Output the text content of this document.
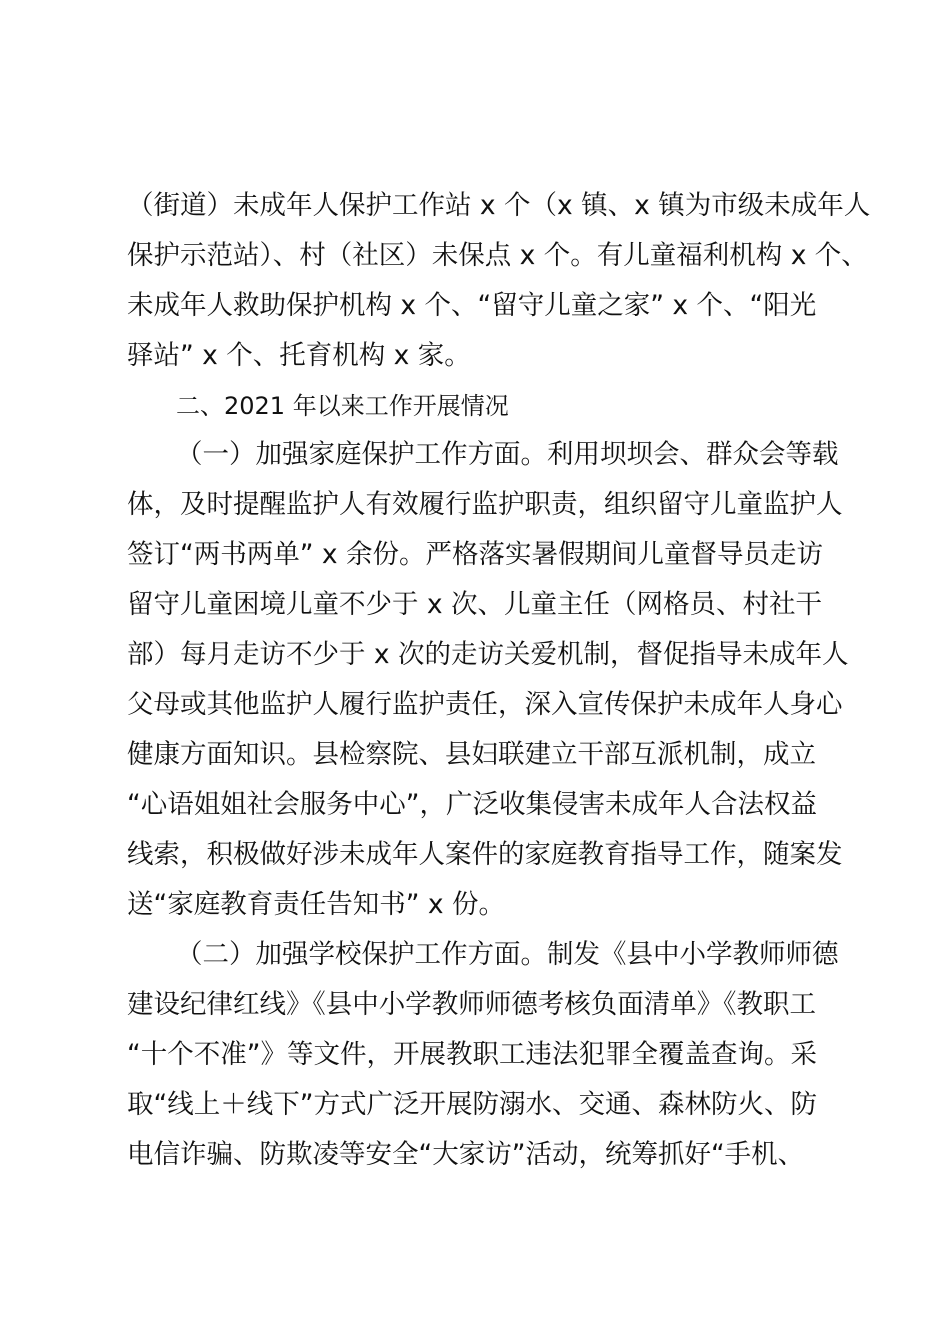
（街道）未成年人保护工作站 x 个（x 镇、x 镇为市级未成年人
保护示范站）、村（社区）未保点 x 个。有儿童福利机构 x 个、
未成年人救助保护机构 x 个、“留守儿童之家” x 个、“阳光
驿站” x 个、托育机构 x 家。
二、2021 年以来工作开展情况
（一）加强家庭保护工作方面。利用坝坝会、群众会等载
体，及时提醒监护人有效履行监护职责，组织留守儿童监护人
签订“两书两单” x 余份。严格落实暑假期间儿童督导员走访
留守儿童困境儿童不少于 x 次、儿童主任（网格员、村社干
部）每月走访不少于 x 次的走访关爱机制，督促指导未成年人
父母或其他监护人履行监护责任，深入宣传保护未成年人身心
健康方面知识。县检察院、县妇联建立干部互派机制，成立
“心语姐姐社会服务中心”，广泛收集侵害未成年人合法权益
线索，积极做好涉未成年人案件的家庭教育指导工作，随案发
送“家庭教育责任告知书” x 份。
（二）加强学校保护工作方面。制发《县中小学教师师德
建设纪律红线》《县中小学教师师德考核负面清单》《教职工
“十个不准”》等文件，开展教职工违法犯罪全覆盖查询。采
取“线上＋线下”方式广泛开展防溺水、交通、森林防火、防
电信诈骗、防欺凌等安全“大家访”活动，统筹抓好“手机、
